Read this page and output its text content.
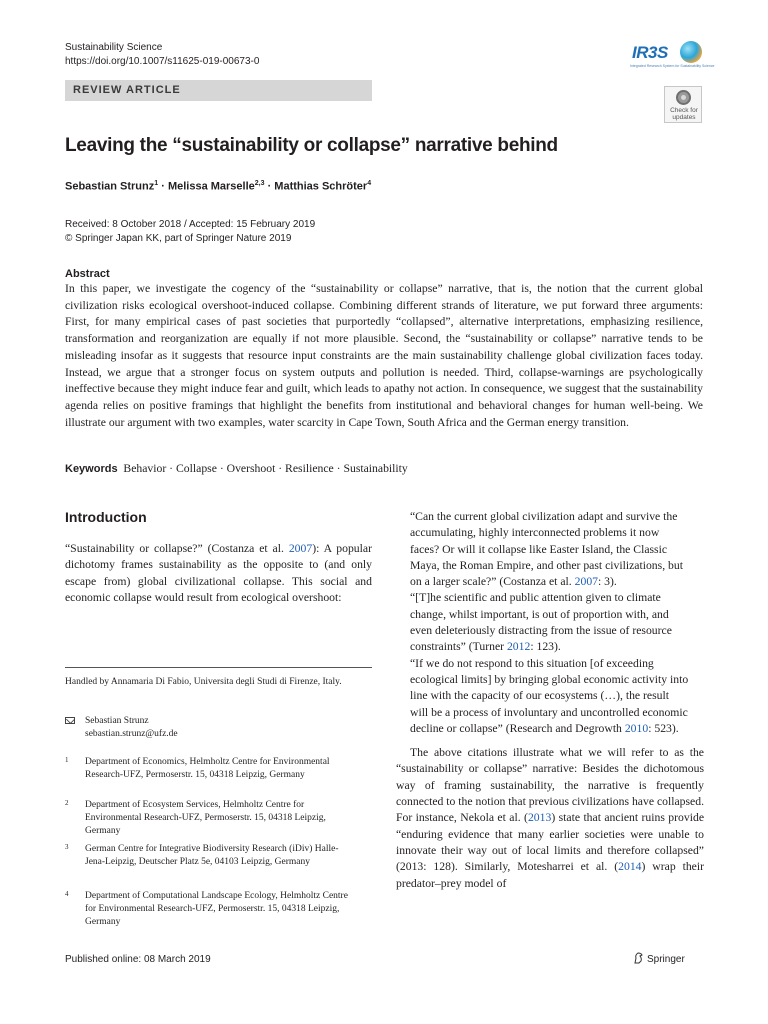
Sustainability Science
https://doi.org/10.1007/s11625-019-00673-0	IR3S
Integrated Research System for Sustainability Science
REVIEW ARTICLE
Check for updates
Leaving the “sustainability or collapse” narrative behind
Sebastian Strunz$^1$ · Melissa Marselle$^{2,3}$ · Matthias Schröter$^4$
Received: 8 October 2018 / Accepted: 15 February 2019
© Springer Japan KK, part of Springer Nature 2019
Abstract
In this paper, we investigate the cogency of the “sustainability or collapse” narrative, that is, the notion that the current global civilization risks ecological overshoot-induced collapse. Combining different strands of literature, we put forward three arguments: First, for many empirical cases of past societies that purportedly “collapsed”, alternative interpretations, emphasizing resilience, transformation and reorganization are equally if not more plausible. Second, the “sustainability or collapse” narrative tends to be misleading insofar as it suggests that resource input constraints are the main sustainability challenge global civilization faces today. Instead, we argue that a stronger focus on system outputs and pollution is needed. Third, collapse-warnings are psychologically ineffective because they might induce fear and guilt, which leads to apathy not action. In consequence, we suggest that the sustainability agenda relies on positive framings that highlight the benefits from institutional and behavioral changes for human well-being. We illustrate our argument with two examples, water scarcity in Cape Town, South Africa and the German energy transition.
Keywords Behavior · Collapse · Overshoot · Resilience · Sustainability
Introduction
“Sustainability or collapse?” (Costanza et al. 2007): A popular dichotomy frames sustainability as the opposite to (and only escape from) global civilizational collapse. This social and economic collapse would result from ecological overshoot:
Handled by Annamaria Di Fabio, Universita degli Studi di Firenze, Italy.
Sebastian Strunz
sebastian.strunz@ufz.de
1 Department of Economics, Helmholtz Centre for Environmental Research-UFZ, Permoserstr. 15, 04318 Leipzig, Germany
2 Department of Ecosystem Services, Helmholtz Centre for Environmental Research-UFZ, Permoserstr. 15, 04318 Leipzig, Germany
3 German Centre for Integrative Biodiversity Research (iDiv) Halle-Jena-Leipzig, Deutscher Platz 5e, 04103 Leipzig, Germany
4 Department of Computational Landscape Ecology, Helmholtz Centre for Environmental Research-UFZ, Permoserstr. 15, 04318 Leipzig, Germany
“Can the current global civilization adapt and survive the accumulating, highly interconnected problems it now faces? Or will it collapse like Easter Island, the Classic Maya, the Roman Empire, and other past civilizations, but on a larger scale?” (Costanza et al. 2007: 3).
“[T]he scientific and public attention given to climate change, whilst important, is out of proportion with, and even deleteriously distracting from the issue of resource constraints” (Turner 2012: 123).
“If we do not respond to this situation [of exceeding ecological limits] by bringing global economic activity into line with the capacity of our ecosystems (…), the result will be a process of involuntary and uncontrolled economic decline or collapse” (Research and Degrowth 2010: 523).
The above citations illustrate what we will refer to as the “sustainability or collapse” narrative: Besides the dichotomous way of framing sustainability, the narrative is frequently connected to the notion that previous civilizations have collapsed. For instance, Nekola et al. (2013) state that ancient ruins provide “enduring evidence that many earlier societies were unable to innovate their way out of local limits and therefore collapsed” (2013: 128). Similarly, Motesharrei et al. (2014) wrap their predator–prey model of
Published online: 08 March 2019	Springer
